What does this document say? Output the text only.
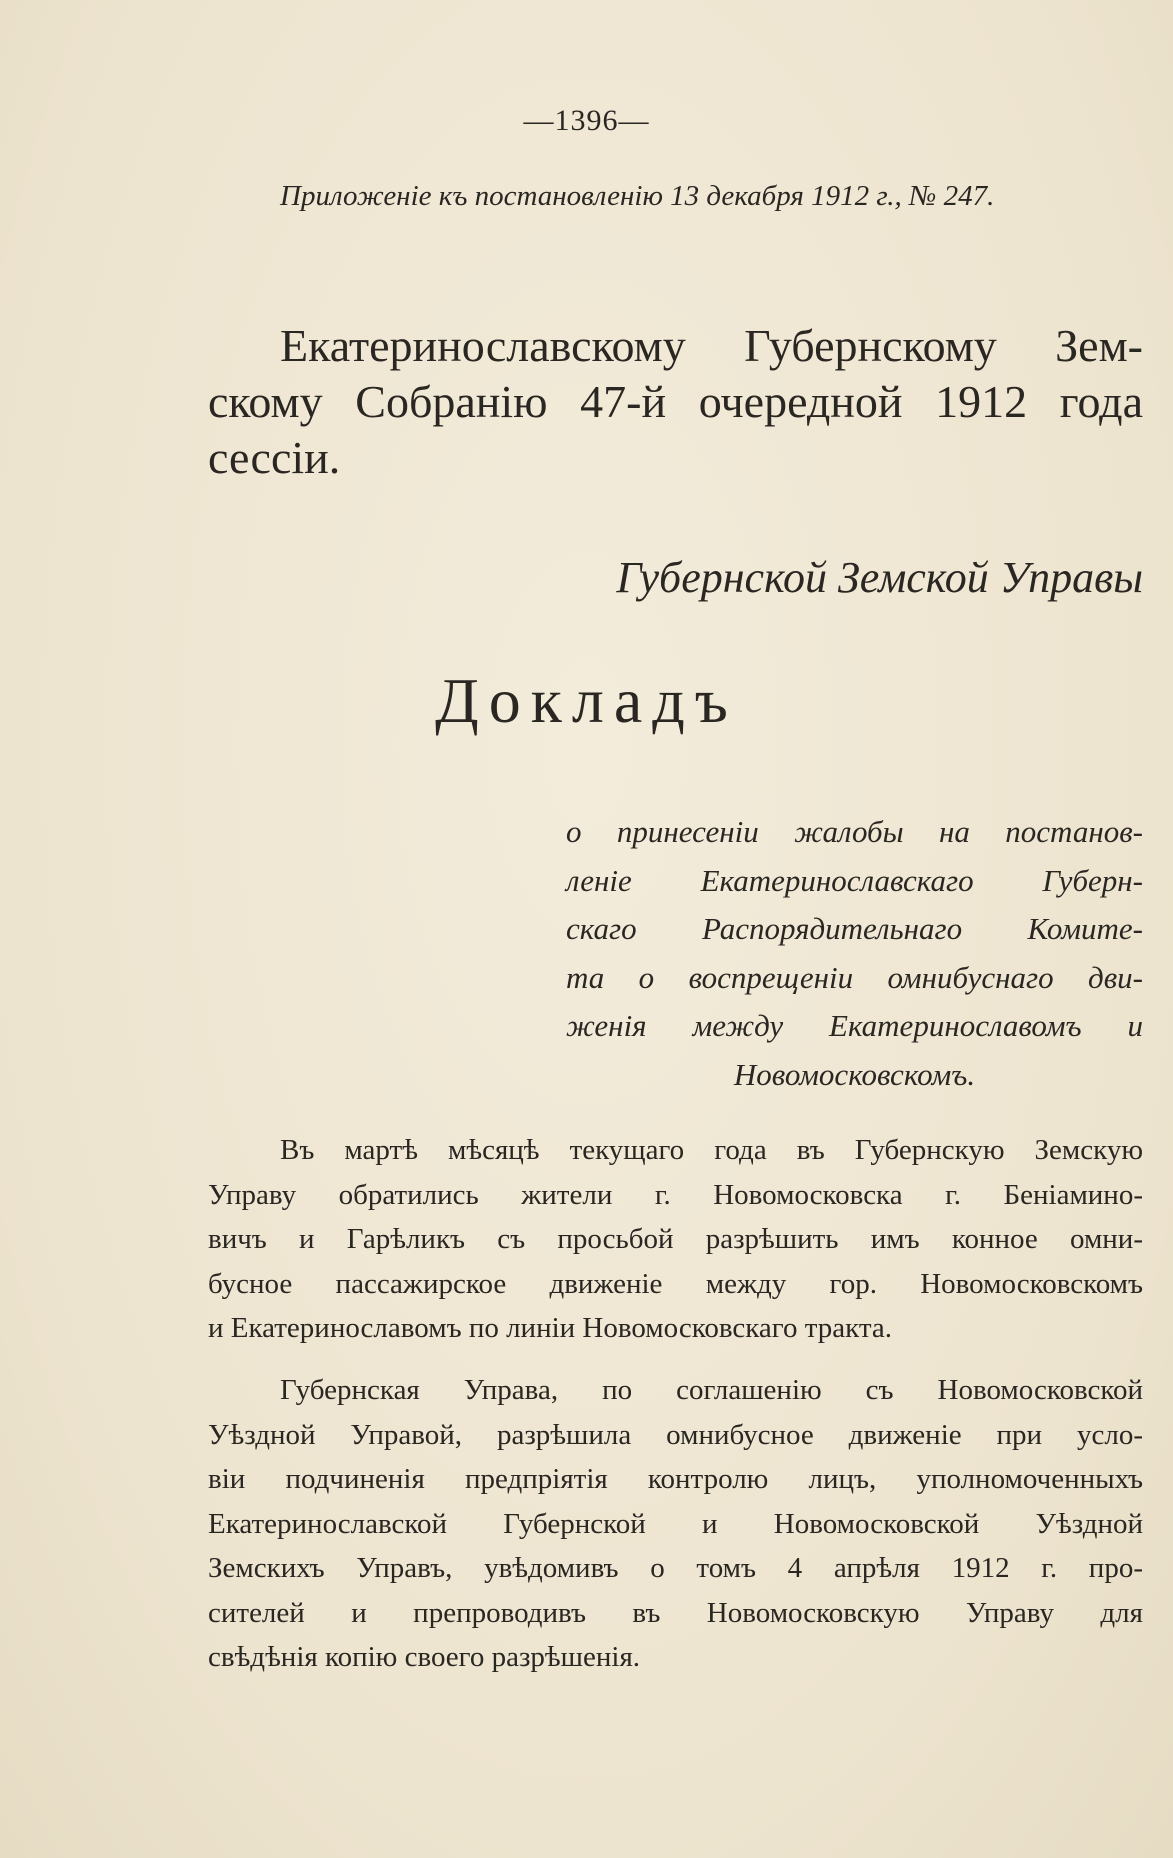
—1396—
Приложеніе къ постановленію 13 декабря 1912 г., № 247.
Екатеринославскому Губернскому Зем-
скому Собранію 47-й очередной 1912 года
сессіи.
Губернской Земской Управы
Докладъ
о принесеніи жалобы на постанов-
леніе Екатеринославскаго Губерн-
скаго Распорядительнаго Комите-
та о воспрещеніи омнибуснаго дви-
женія между Екатеринославомъ и
Новомосковскомъ.
Въ мартѣ мѣсяцѣ текущаго года въ Губернскую Земскую
Управу обратились жители г. Новомосковска г. Беніамино-
вичъ и Гарѣликъ съ просьбой разрѣшить имъ конное омни-
бусное пассажирское движеніе между гор. Новомосковскомъ
и Екатеринославомъ по линіи Новомосковскаго тракта.
Губернская Управа, по соглашенію съ Новомосковской
Уѣздной Управой, разрѣшила омнибусное движеніе при усло-
віи подчиненія предпріятія контролю лицъ, уполномоченныхъ
Екатеринославской Губернской и Новомосковской Уѣздной
Земскихъ Управъ, увѣдомивъ о томъ 4 апрѣля 1912 г. про-
сителей и препроводивъ въ Новомосковскую Управу для
свѣдѣнія копію своего разрѣшенія.
